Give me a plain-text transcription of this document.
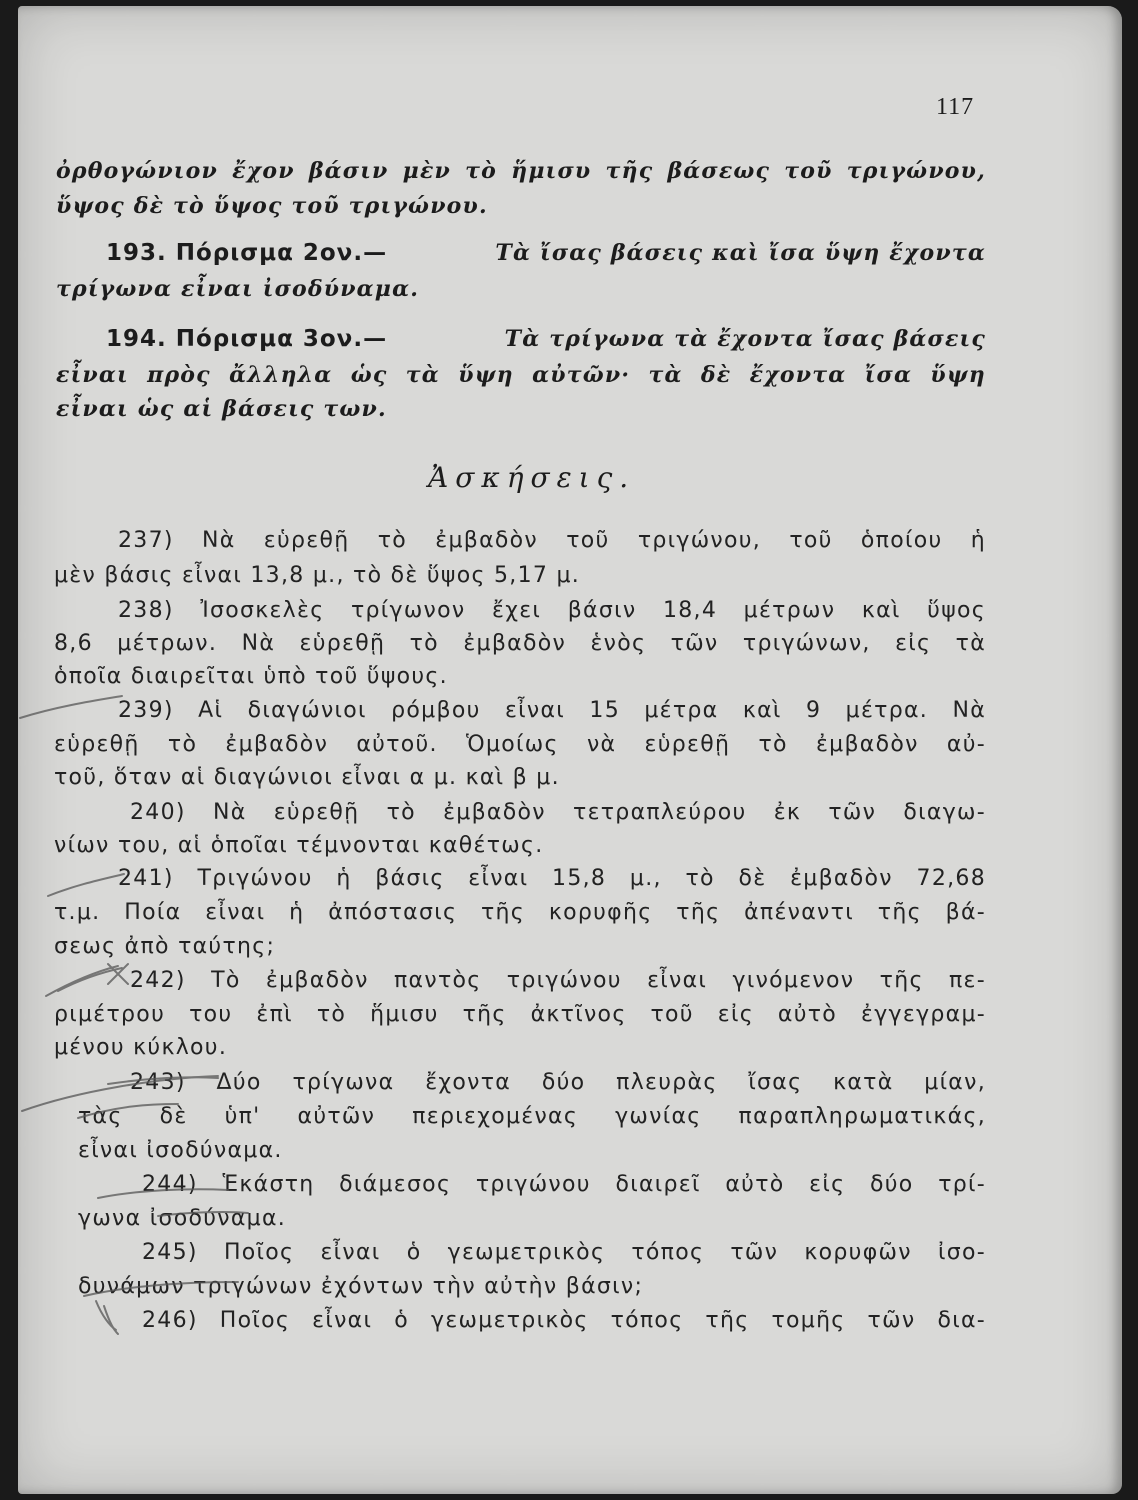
117
ὀρθογώνιον ἔχον βάσιν μὲν τὸ ἥμισυ τῆς βάσεως τοῦ τριγώνου,
ὕψος δὲ τὸ ὕψος τοῦ τριγώνου.
193. Πόρισμα 2ον.—	Τὰ ἴσας βάσεις καὶ ἴσα ὕψη ἔχοντα
τρίγωνα εἶναι ἰσοδύναμα.
194. Πόρισμα 3ον.—	Τὰ τρίγωνα τὰ ἔχοντα ἴσας βάσεις
εἶναι πρὸς ἄλληλα ὡς τὰ ὕψη αὐτῶν· τὰ δὲ ἔχοντα ἴσα ὕψη
εἶναι ὡς αἱ βάσεις των.
Ἀσκήσεις.
237) Νὰ εὑρεθῇ τὸ ἐμβαδὸν τοῦ τριγώνου, τοῦ ὁποίου ἡ
μὲν βάσις εἶναι 13,8 μ., τὸ δὲ ὕψος 5,17 μ.
238) Ἰσοσκελὲς τρίγωνον ἔχει βάσιν 18,4 μέτρων καὶ ὕψος
8,6 μέτρων. Νὰ εὑρεθῇ τὸ ἐμβαδὸν ἑνὸς τῶν τριγώνων, εἰς τὰ
ὁποῖα διαιρεῖται ὑπὸ τοῦ ὕψους.
239) Αἱ διαγώνιοι ρόμβου εἶναι 15 μέτρα καὶ 9 μέτρα. Νὰ
εὑρεθῇ τὸ ἐμβαδὸν αὐτοῦ. Ὁμοίως νὰ εὑρεθῇ τὸ ἐμβαδὸν αὐ-
τοῦ, ὅταν αἱ διαγώνιοι εἶναι α μ. καὶ β μ.
240) Νὰ εὑρεθῇ τὸ ἐμβαδὸν τετραπλεύρου ἐκ τῶν διαγω-
νίων του, αἱ ὁποῖαι τέμνονται καθέτως.
241) Τριγώνου ἡ βάσις εἶναι 15,8 μ., τὸ δὲ ἐμβαδὸν 72,68
τ.μ. Ποία εἶναι ἡ ἀπόστασις τῆς κορυφῆς τῆς ἀπέναντι τῆς βά-
σεως ἀπὸ ταύτης;
242) Τὸ ἐμβαδὸν παντὸς τριγώνου εἶναι γινόμενον τῆς πε-
ριμέτρου του ἐπὶ τὸ ἥμισυ τῆς ἀκτῖνος τοῦ εἰς αὐτὸ ἐγγεγραμ-
μένου κύκλου.
243) Δύο τρίγωνα ἔχοντα δύο πλευρὰς ἴσας κατὰ μίαν,
τὰς δὲ ὑπ' αὐτῶν περιεχομένας γωνίας παραπληρωματικάς,
εἶναι ἰσοδύναμα.
244) Ἑκάστη διάμεσος τριγώνου διαιρεῖ αὐτὸ εἰς δύο τρί-
γωνα ἰσοδύναμα.
245) Ποῖος εἶναι ὁ γεωμετρικὸς τόπος τῶν κορυφῶν ἰσο-
δυνάμων τριγώνων ἐχόντων τὴν αὐτὴν βάσιν;
246) Ποῖος εἶναι ὁ γεωμετρικὸς τόπος τῆς τομῆς τῶν δια-
